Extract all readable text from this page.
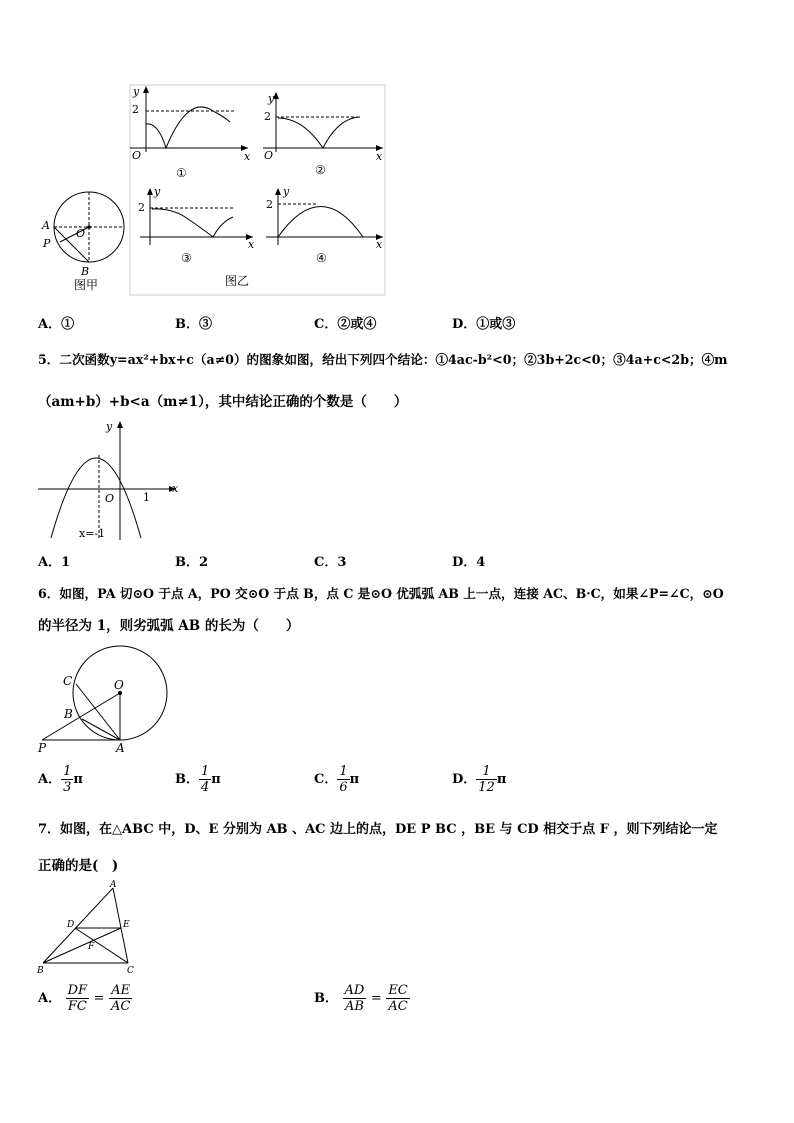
2
O	x
y
①
2
O	x
y
②
2
x
y
③
2
x
y
④
A
P
O
B
图甲	图乙
A．①	B．③	C．②或④	D．①或③
5．二次函数y=ax²+bx+c（a≠0）的图象如图，给出下列四个结论：①4ac-b²<0；②3b+2c<0；③4a+c<2b；④m
（am+b）+b<a（m≠1），其中结论正确的个数是（　　）
y
x
O	1
x=-1
A．1	B．2	C．3	D．4
6．如图，PA 切⊙O 于点 A，PO 交⊙O 于点 B，点 C 是⊙O 优弧弧 AB 上一点，连接 AC、B·C，如果∠P=∠C，⊙O
的半径为 1，则劣弧弧 AB 的长为（　　）
C	O
B
P	A
A． $\frac{1}{3}$ π	B． $\frac{1}{4}$ π	C． $\frac{1}{6}$ π	D． $\frac{1}{12}$ π
7．如图，在△ABC 中，D、E 分别为 AB 、AC 边上的点，DE P BC ，BE 与 CD 相交于点 F ，则下列结论一定
正确的是(　)
A
D	E
F
B	C
A． $\frac{DF}{FC} = \frac{AE}{AC}$	B． $\frac{AD}{AB} = \frac{EC}{AC}$
